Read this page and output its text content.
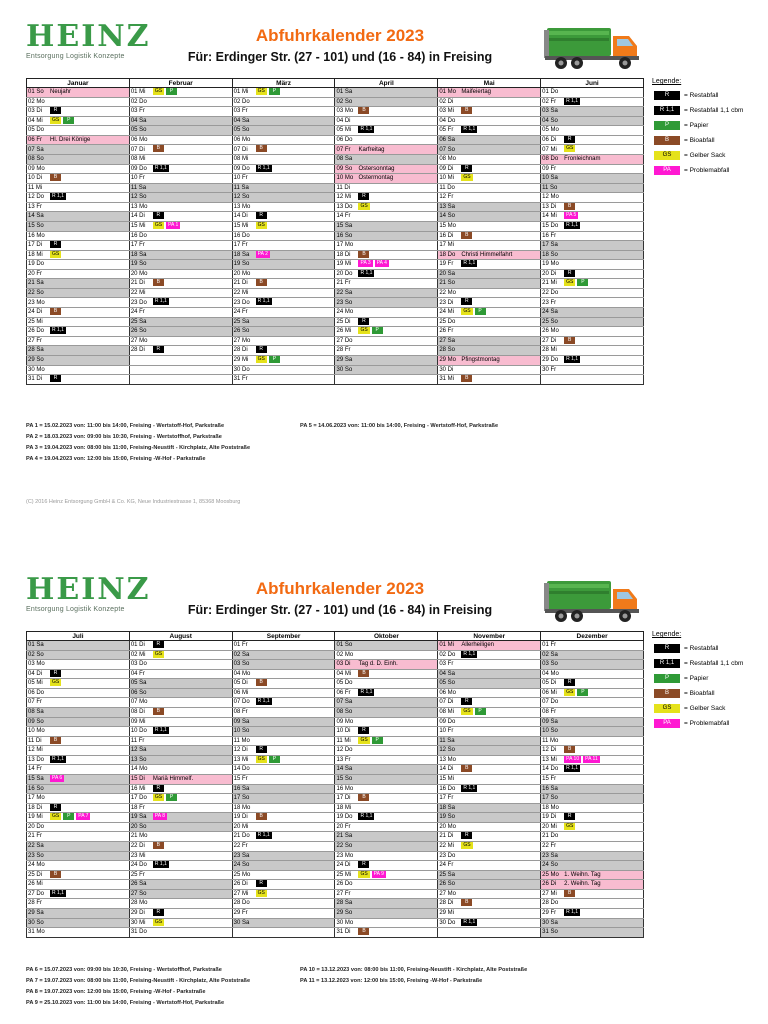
HEINZ
Entsorgung Logistik Konzepte
Abfuhrkalender 2023
Für: Erdinger Str. (27 - 101) und (16 - 84) in Freising
Januar	Februar	März	April	Mai	Juni
01 So Neujahr	01 Mi GS P	01 Mi GS P	01 Sa	01 Mo Maifeiertag	01 Do
02 Mo	02 Do	02 Do	02 So	02 Di	02 Fr R 1,1
03 Di R	03 Fr	03 Fr	03 Mo B	03 Mi B	03 Sa
04 Mi GS P	04 Sa	04 Sa	04 Di	04 Do	04 So
05 Do	05 So	05 So	05 Mi R 1,1	05 Fr R 1,1	05 Mo
06 Fr Hl. Drei Könige	06 Mo	06 Mo	06 Do	06 Sa	06 Di R
07 Sa	07 Di B	07 Di B	07 Fr Karfreitag	07 So	07 Mi GS
08 So	08 Mi	08 Mi	08 Sa	08 Mo	08 Do Fronleichnam
09 Mo	09 Do R 1,1	09 Do R 1,1	09 So Ostersonntag	09 Di R	09 Fr
10 Di B	10 Fr	10 Fr	10 Mo Ostermontag	10 Mi GS	10 Sa
11 Mi	11 Sa	11 Sa	11 Di	11 Do	11 So
12 Do R 1,1	12 So	12 So	12 Mi R	12 Fr	12 Mo
13 Fr	13 Mo	13 Mo	13 Do GS	13 Sa	13 Di B
14 Sa	14 Di R	14 Di R	14 Fr	14 So	14 Mi PA 5
15 So	15 Mi GS PA 1	15 Mi GS	15 Sa	15 Mo	15 Do R 1,1
16 Mo	16 Do	16 Do	16 So	16 Di B	16 Fr
17 Di R	17 Fr	17 Fr	17 Mo	17 Mi	17 Sa
18 Mi GS	18 Sa	18 Sa PA 2	18 Di B	18 Do Christi Himmelfahrt	18 So
19 Do	19 So	19 So	19 Mi PA 3 PA 4	19 Fr R 1,1	19 Mo
20 Fr	20 Mo	20 Mo	20 Do R 1,1	20 Sa	20 Di R
21 Sa	21 Di B	21 Di B	21 Fr	21 So	21 Mi GS P
22 So	22 Mi	22 Mi	22 Sa	22 Mo	22 Do
23 Mo	23 Do R 1,1	23 Do R 1,1	23 So	23 Di R	23 Fr
24 Di B	24 Fr	24 Fr	24 Mo	24 Mi GS P	24 Sa
25 Mi	25 Sa	25 Sa	25 Di R	25 Do	25 So
26 Do R 1,1	26 So	26 So	26 Mi GS P	26 Fr	26 Mo
27 Fr	27 Mo	27 Mo	27 Do	27 Sa	27 Di B
28 Sa	28 Di R	28 Di R	28 Fr	28 So	28 Mi
29 So		29 Mi GS P	29 Sa	29 Mo Pfingstmontag	29 Do R 1,1
30 Mo		30 Do	30 So	30 Di	30 Fr
31 Di R		31 Fr		31 Mi B	
Legende:
R	= Restabfall
R 1,1	= Restabfall 1,1 cbm
P	= Papier
B	= Bioabfall
GS	= Gelber Sack
PA	= Problemabfall
PA 1 = 15.02.2023 von: 11:00 bis 14:00, Freising - Wertstoff-Hof, Parkstraße
PA 2 = 18.03.2023 von: 09:00 bis 10:30, Freising - Wertstoffhof, Parkstraße
PA 3 = 19.04.2023 von: 08:00 bis 11:00, Freising-Neustift - Kirchplatz, Alte Poststraße
PA 4 = 19.04.2023 von: 12:00 bis 15:00, Freising -W-Hof - Parkstraße
PA 5 = 14.06.2023 von: 11:00 bis 14:00, Freising - Wertstoff-Hof, Parkstraße
(C) 2016 Heinz Entsorgung GmbH & Co. KG, Neue Industriestrasse 1, 85368 Moosburg
HEINZ
Entsorgung Logistik Konzepte
Abfuhrkalender 2023
Für: Erdinger Str. (27 - 101) und (16 - 84) in Freising
Juli	August	September	Oktober	November	Dezember
01 Sa	01 Di R	01 Fr	01 So	01 Mi Allerheiligen	01 Fr
02 So	02 Mi GS	02 Sa	02 Mo	02 Do R 1,1	02 Sa
03 Mo	03 Do	03 So	03 Di Tag d. D. Einh.	03 Fr	03 So
04 Di R	04 Fr	04 Mo	04 Mi B	04 Sa	04 Mo
05 Mi GS	05 Sa	05 Di B	05 Do	05 So	05 Di R
06 Do	06 So	06 Mi	06 Fr R 1,1	06 Mo	06 Mi GS P
07 Fr	07 Mo	07 Do R 1,1	07 Sa	07 Di R	07 Do
08 Sa	08 Di B	08 Fr	08 So	08 Mi GS P	08 Fr
09 So	09 Mi	09 Sa	09 Mo	09 Do	09 Sa
10 Mo	10 Do R 1,1	10 So	10 Di R	10 Fr	10 So
11 Di B	11 Fr	11 Mo	11 Mi GS P	11 Sa	11 Mo
12 Mi	12 Sa	12 Di R	12 Do	12 So	12 Di B
13 Do R 1,1	13 So	13 Mi GS P	13 Fr	13 Mo	13 Mi PA 10 PA 11
14 Fr	14 Mo	14 Do	14 Sa	14 Di B	14 Do R 1,1
15 Sa PA 6	15 Di Mariä Himmelf.	15 Fr	15 So	15 Mi	15 Fr
16 So	16 Mi R	16 Sa	16 Mo	16 Do R 1,1	16 Sa
17 Mo	17 Do GS P	17 So	17 Di B	17 Fr	17 So
18 Di R	18 Fr	18 Mo	18 Mi	18 Sa	18 Mo
19 Mi GS P PA 7	19 Sa PA 8	19 Di B	19 Do R 1,1	19 So	19 Di R
20 Do	20 So	20 Mi	20 Fr	20 Mo	20 Mi GS
21 Fr	21 Mo	21 Do R 1,1	21 Sa	21 Di R	21 Do
22 Sa	22 Di B	22 Fr	22 So	22 Mi GS	22 Fr
23 So	23 Mi	23 Sa	23 Mo	23 Do	23 Sa
24 Mo	24 Do R 1,1	24 So	24 Di R	24 Fr	24 So
25 Di B	25 Fr	25 Mo	25 Mi GS PA 9	25 Sa	25 Mo 1. Weihn. Tag
26 Mi	26 Sa	26 Di R	26 Do	26 So	26 Di 2. Weihn. Tag
27 Do R 1,1	27 So	27 Mi GS	27 Fr	27 Mo	27 Mi B
28 Fr	28 Mo	28 Do	28 Sa	28 Di B	28 Do
29 Sa	29 Di R	29 Fr	29 So	29 Mi	29 Fr R 1,1
30 So	30 Mi GS	30 Sa	30 Mo	30 Do R 1,1	30 Sa
31 Mo	31 Do		31 Di B		31 So
Legende:
R	= Restabfall
R 1,1	= Restabfall 1,1 cbm
P	= Papier
B	= Bioabfall
GS	= Gelber Sack
PA	= Problemabfall
PA 6 = 15.07.2023 von: 09:00 bis 10:30, Freising - Wertstoffhof, Parkstraße
PA 7 = 19.07.2023 von: 08:00 bis 11:00, Freising-Neustift - Kirchplatz, Alte Poststraße
PA 8 = 19.07.2023 von: 12:00 bis 15:00, Freising -W-Hof - Parkstraße
PA 9 = 25.10.2023 von: 11:00 bis 14:00, Freising - Wertstoff-Hof, Parkstraße
PA 10 = 13.12.2023 von: 08:00 bis 11:00, Freising-Neustift - Kirchplatz, Alte Poststraße
PA 11 = 13.12.2023 von: 12:00 bis 15:00, Freising -W-Hof - Parkstraße
